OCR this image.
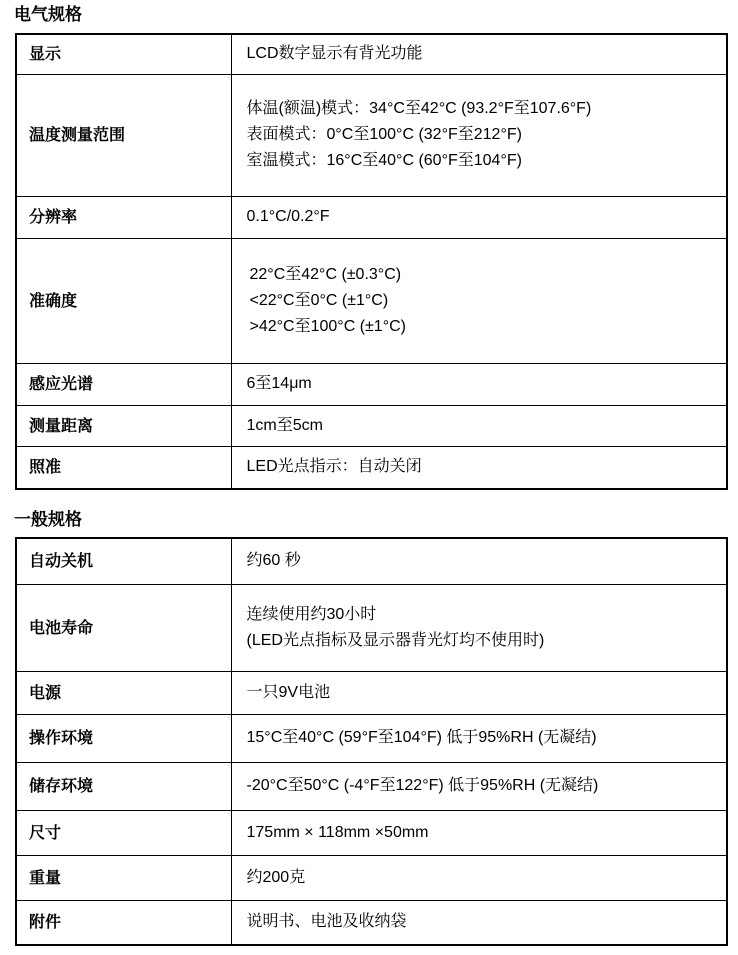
电气规格
显示	LCD数字显示有背光功能

温度测量范围	体温(额温)模式：34°C至42°C (93.2°F至107.6°F)
表面模式：0°C至100°C (32°F至212°F)
室温模式：16°C至40°C (60°F至104°F)

分辨率	0.1°C/0.2°F

准确度	22°C至42°C (±0.3°C)
<22°C至0°C (±1°C)
>42°C至100°C (±1°C)

感应光谱	6至14μm

测量距离	1cm至5cm

照准	LED光点指示：自动关闭
一般规格
自动关机	约60 秒

电池寿命	连续使用约30小时
(LED光点指标及显示器背光灯均不使用时)

电源	一只9V电池

操作环境	15°C至40°C (59°F至104°F) 低于95%RH (无凝结)

储存环境	-20°C至50°C (-4°F至122°F) 低于95%RH (无凝结)

尺寸	175mm × 118mm ×50mm

重量	约200克

附件	说明书、电池及收纳袋
